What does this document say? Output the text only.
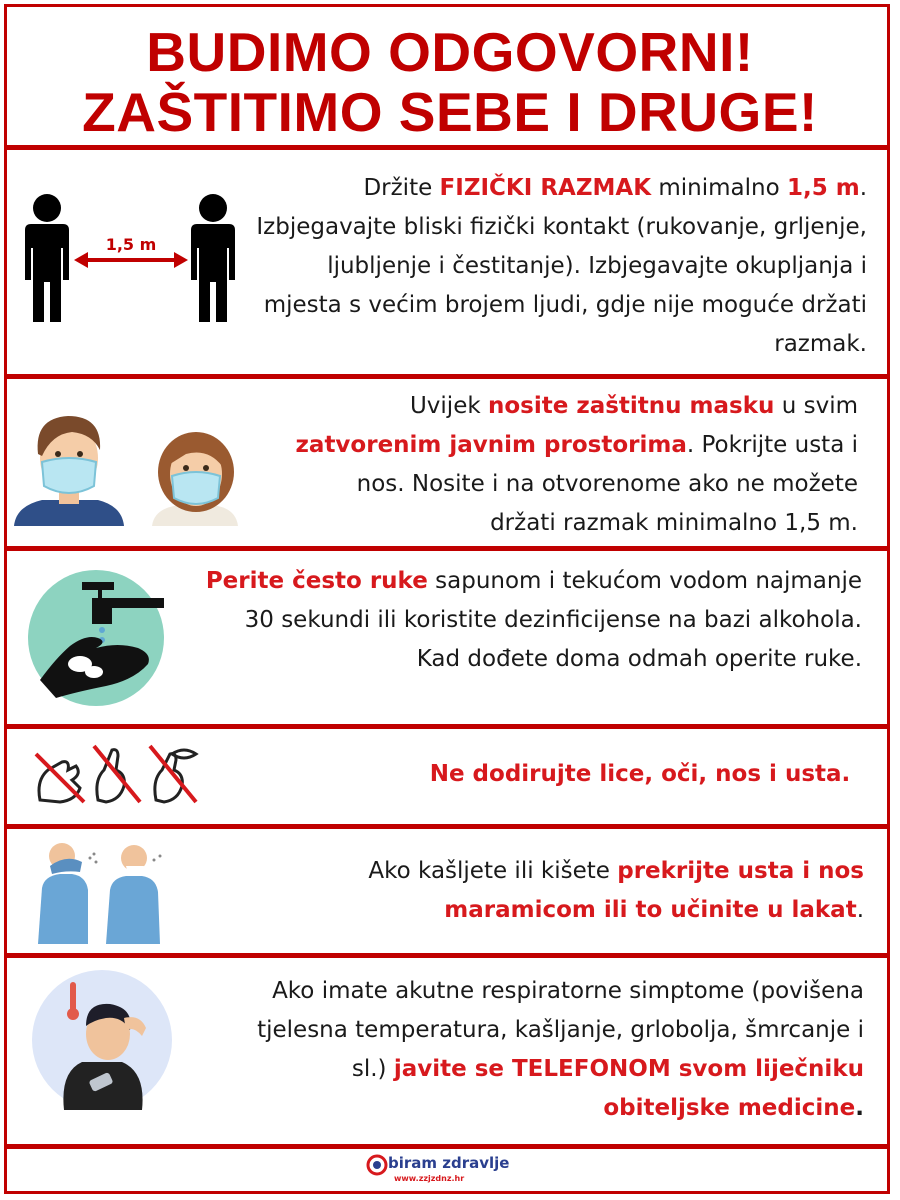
BUDIMO ODGOVORNI!
ZAŠTITIMO SEBE I DRUGE!
1,5 m
Držite FIZIČKI RAZMAK minimalno 1,5 m. Izbjegavajte bliski fizički kontakt (rukovanje, grljenje, ljubljenje i čestitanje). Izbjegavajte okupljanja i mjesta s većim brojem ljudi, gdje nije moguće držati razmak.
Uvijek nosite zaštitnu masku u svim zatvorenim javnim prostorima. Pokrijte usta i nos. Nosite i na otvorenome ako ne možete držati razmak minimalno 1,5 m.
Perite često ruke sapunom i tekućom vodom najmanje 30 sekundi ili koristite dezinficijense na bazi alkohola. Kad dođete doma odmah operite ruke.
Ne dodirujte lice, oči, nos i usta.
Ako kašljete ili kišete prekrijte usta i nos maramicom ili to učinite u lakat.
Ako imate akutne respiratorne simptome (povišena tjelesna temperatura, kašljanje, grlobolja, šmrcanje i sl.) javite se TELEFONOM svom liječniku obiteljske medicine.
biram zdravlje
www.zzjzdnz.hr
